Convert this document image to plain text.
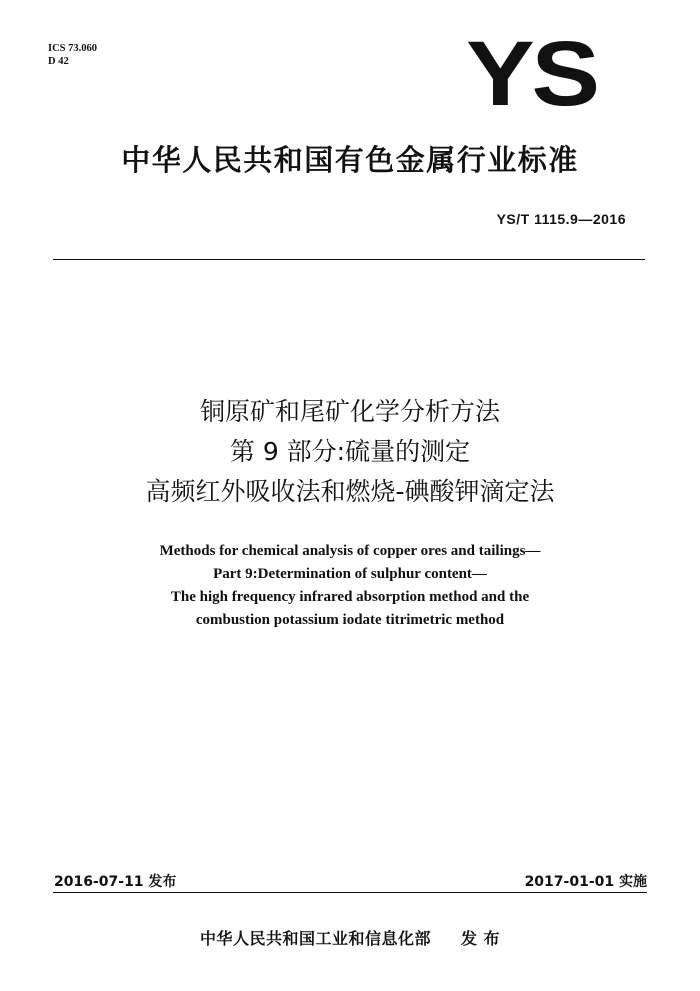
ICS 73.060
D 42	YS
中华人民共和国有色金属行业标准
YS/T 1115.9—2016
铜原矿和尾矿化学分析方法
第 9 部分:硫量的测定
高频红外吸收法和燃烧-碘酸钾滴定法
Methods for chemical analysis of copper ores and tailings—
Part 9:Determination of sulphur content—
The high frequency infrared absorption method and the
combustion potassium iodate titrimetric method
2016-07-11 发布	2017-01-01 实施
中华人民共和国工业和信息化部 发 布
